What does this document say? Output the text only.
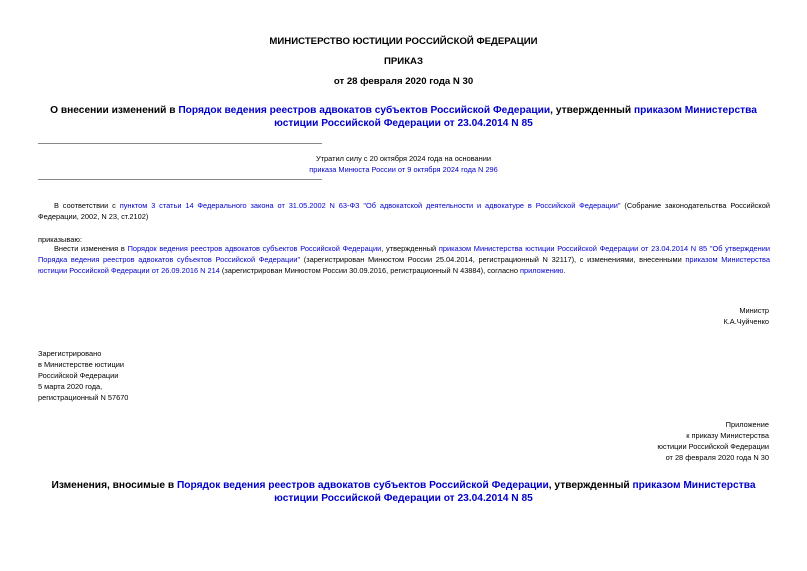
МИНИСТЕРСТВО ЮСТИЦИИ РОССИЙСКОЙ ФЕДЕРАЦИИ
ПРИКАЗ
от 28 февраля 2020 года N 30
О внесении изменений в Порядок ведения реестров адвокатов субъектов Российской Федерации, утвержденный приказом Министерства юстиции Российской Федерации от 23.04.2014 N 85
Утратил силу с 20 октября 2024 года на основании
приказа Минюста России от 9 октября 2024 года N 296
В соответствии с пунктом 3 статьи 14 Федерального закона от 31.05.2002 N 63-ФЗ "Об адвокатской деятельности и адвокатуре в Российской Федерации" (Собрание законодательства Российской Федерации, 2002, N 23, ст.2102)
приказываю:
Внести изменения в Порядок ведения реестров адвокатов субъектов Российской Федерации, утвержденный приказом Министерства юстиции Российской Федерации от 23.04.2014 N 85 "Об утверждении Порядка ведения реестров адвокатов субъектов Российской Федерации" (зарегистрирован Минюстом России 25.04.2014, регистрационный N 32117), с изменениями, внесенными приказом Министерства юстиции Российской Федерации от 26.09.2016 N 214 (зарегистрирован Минюстом России 30.09.2016, регистрационный N 43884), согласно приложению.
Министр
К.А.Чуйченко
Зарегистрировано
в Министерстве юстиции
Российской Федерации
5 марта 2020 года,
регистрационный N 57670
Приложение
к приказу Министерства
юстиции Российской Федерации
от 28 февраля 2020 года N 30
Изменения, вносимые в Порядок ведения реестров адвокатов субъектов Российской Федерации, утвержденный приказом Министерства юстиции Российской Федерации от 23.04.2014 N 85
